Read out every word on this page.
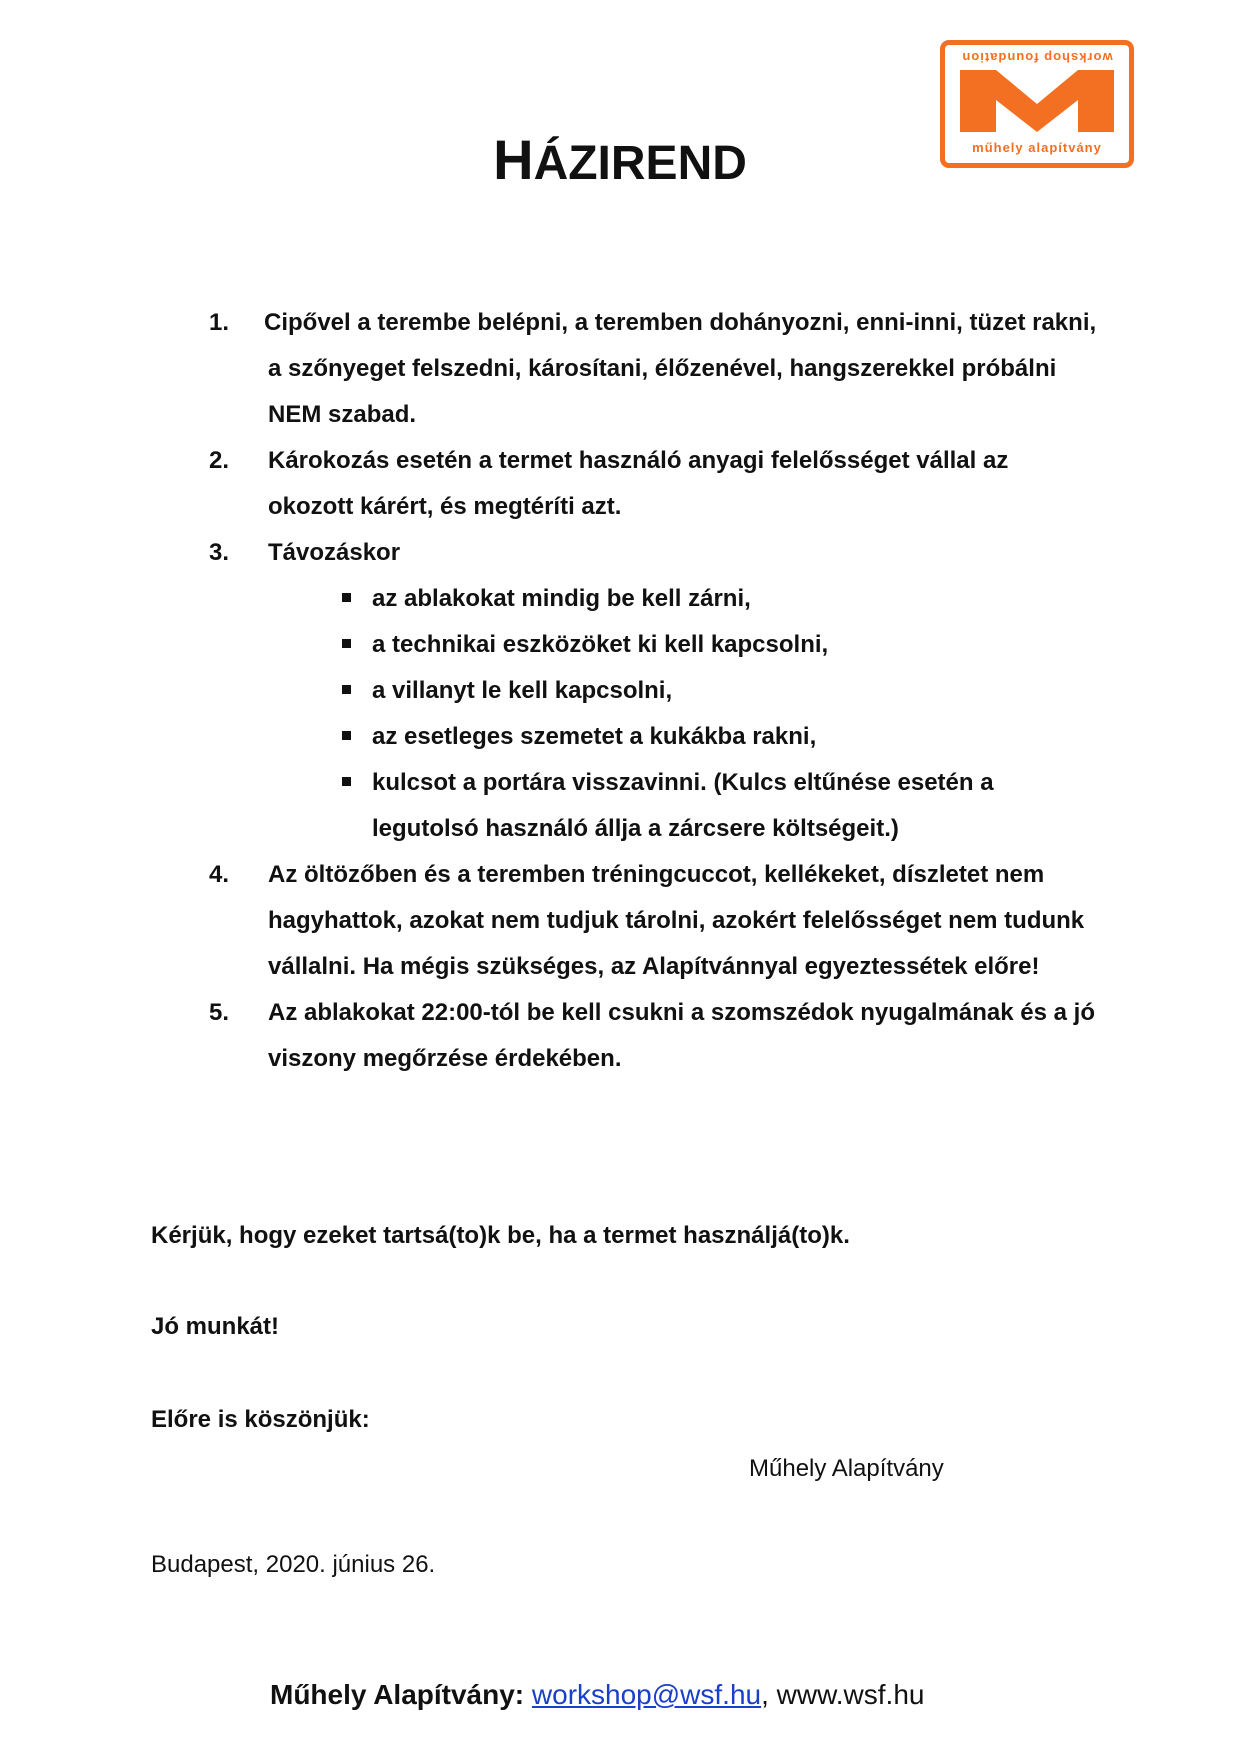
workshop foundation
műhely alapítvány
HÁZIREND
1. Cipővel a terembe belépni, a teremben dohányozni, enni-inni, tüzet rakni, a szőnyeget felszedni, károsítani, élőzenével, hangszerekkel próbálni NEM szabad.
2. Károkozás esetén a termet használó anyagi felelősséget vállal az okozott kárért, és megtéríti azt.
3. Távozáskor
az ablakokat mindig be kell zárni,
a technikai eszközöket ki kell kapcsolni,
a villanyt le kell kapcsolni,
az esetleges szemetet a kukákba rakni,
kulcsot a portára visszavinni. (Kulcs eltűnése esetén a legutolsó használó állja a zárcsere költségeit.)
4. Az öltözőben és a teremben tréningcuccot, kellékeket, díszletet nem hagyhattok, azokat nem tudjuk tárolni, azokért felelősséget nem tudunk vállalni. Ha mégis szükséges, az Alapítvánnyal egyeztessétek előre!
5. Az ablakokat 22:00-tól be kell csukni a szomszédok nyugalmának és a jó viszony megőrzése érdekében.
Kérjük, hogy ezeket tartsá(to)k be, ha a termet használjá(to)k.
Jó munkát!
Előre is köszönjük:
Műhely Alapítvány
Budapest, 2020. június 26.
Műhely Alapítvány: workshop@wsf.hu, www.wsf.hu
